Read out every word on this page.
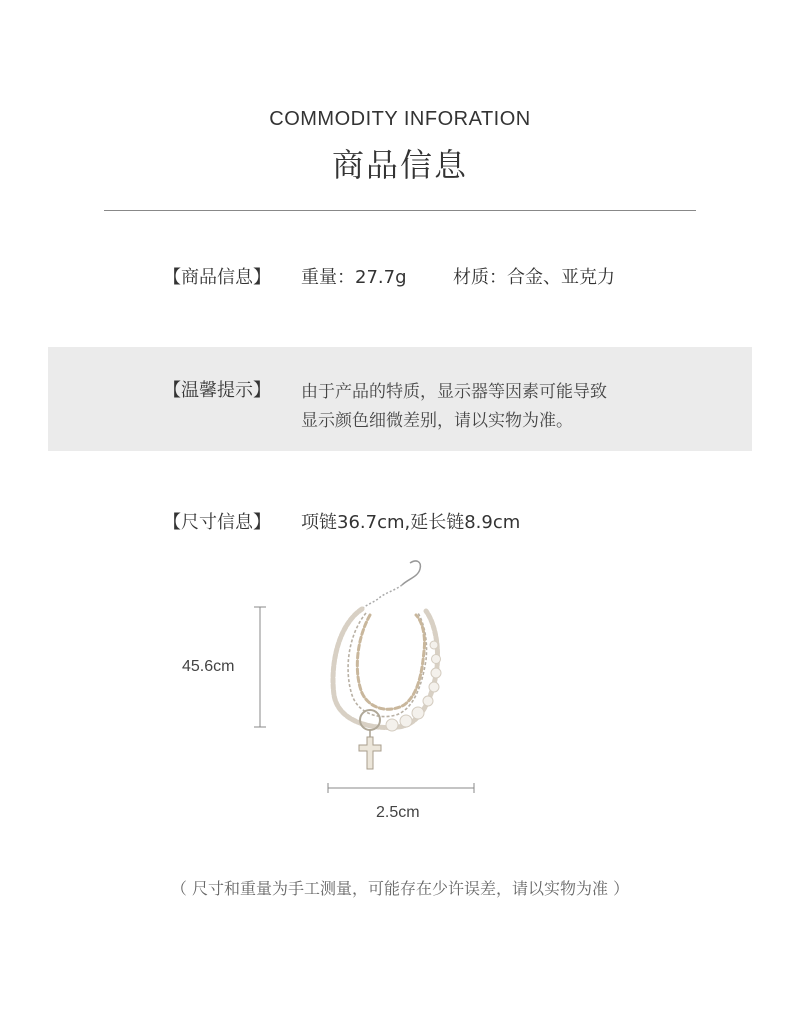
COMMODITY INFORATION
商品信息
【商品信息】 重量：27.7g	材质：合金、亚克力
【温馨提示】 由于产品的特质，显示器等因素可能导致
显示颜色细微差别，请以实物为准。
【尺寸信息】 项链36.7cm,延长链8.9cm
45.6cm
2.5cm
（ 尺寸和重量为手工测量，可能存在少许误差，请以实物为准 ）
